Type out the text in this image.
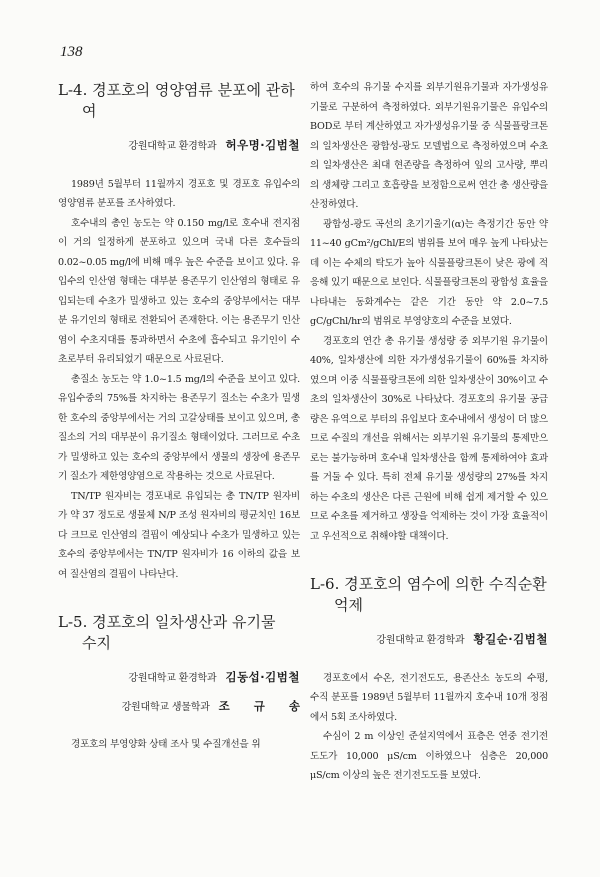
138
L-4. 경포호의 영양염류 분포에 관하
여
강원대학교 환경학과 허우명·김범철

1989년 5월부터 11월까지 경포호 및 경포호 유입수의 영양염류 분포를 조사하였다.

호수내의 총인 농도는 약 0.150 mg/l로 호수내 전지점이 거의 일정하게 분포하고 있으며 국내 다른 호수들의 0.02~0.05 mg/l에 비해 매우 높은 수준을 보이고 있다. 유입수의 인산염 형태는 대부분 용존무기 인산염의 형태로 유입되는데 수초가 밀생하고 있는 호수의 중앙부에서는 대부분 유기인의 형태로 전환되어 존재한다. 이는 용존무기 인산염이 수초지대를 통과하면서 수초에 흡수되고 유기인이 수초로부터 유리되었기 때문으로 사료된다.

총질소 농도는 약 1.0~1.5 mg/l의 수준을 보이고 있다. 유입수중의 75%를 차지하는 용존무기 질소는 수초가 밀생한 호수의 중앙부에서는 거의 고갈상태를 보이고 있으며, 총질소의 거의 대부분이 유기질소 형태이었다. 그러므로 수초가 밀생하고 있는 호수의 중앙부에서 생물의 생장에 용존무기 질소가 제한영양염으로 작용하는 것으로 사료된다.

TN/TP 원자비는 경포내로 유입되는 총 TN/TP 원자비가 약 37 정도로 생물체 N/P 조성 원자비의 평균치인 16보다 크므로 인산염의 결핍이 예상되나 수초가 밀생하고 있는 호수의 중앙부에서는 TN/TP 원자비가 16 이하의 값을 보여 질산염의 결핍이 나타난다.

L-5. 경포호의 일차생산과 유기물
수지
강원대학교 환경학과 김동섭·김범철
강원대학교 생물학과 조규송

경포호의 부영양화 상태 조사 및 수질개선을 위

하여 호수의 유기물 수지를 외부기원유기물과 자가생성유기물로 구분하여 측정하였다. 외부기원유기물은 유입수의 BOD로 부터 계산하였고 자가생성유기물 중 식물플랑크톤의 일차생산은 광합성-광도 모델법으로 측정하였으며 수초의 일차생산은 최대 현존량을 측정하여 잎의 고사량, 뿌리의 생체량 그리고 호흡량을 보정함으로써 연간 총 생산량을 산정하였다.

광합성-광도 곡선의 초기기울기(α)는 측정기간 동안 약 11~40 gCm²/gChl/E의 범위를 보여 매우 높게 나타났는데 이는 수체의 탁도가 높아 식물플랑크톤이 낮은 광에 적응해 있기 때문으로 보인다. 식물플랑크톤의 광합성 효율을 나타내는 동화계수는 같은 기간 동안 약 2.0~7.5 gC/gChl/hr의 범위로 부영양호의 수준을 보였다.

경포호의 연간 총 유기물 생성량 중 외부기원 유기물이 40%, 일차생산에 의한 자가생성유기물이 60%를 차지하였으며 이중 식물플랑크톤에 의한 일차생산이 30%이고 수초의 일차생산이 30%로 나타났다. 경포호의 유기물 공급량은 유역으로 부터의 유입보다 호수내에서 생성이 더 많으므로 수질의 개선을 위해서는 외부기원 유기물의 통제만으로는 불가능하며 호수내 일차생산을 함께 통제하여야 효과를 거둘 수 있다. 특히 전체 유기물 생성량의 27%를 차지하는 수초의 생산은 다른 근원에 비해 쉽게 제거할 수 있으므로 수초를 제거하고 생장을 억제하는 것이 가장 효율적이고 우선적으로 취해야할 대책이다.

L-6. 경포호의 염수에 의한 수직순환
억제
강원대학교 환경학과 황길순·김범철

경포호에서 수온, 전기전도도, 용존산소 농도의 수평, 수직 분포를 1989년 5월부터 11월까지 호수내 10개 정점에서 5회 조사하였다.

수심이 2 m 이상인 준설지역에서 표층은 연중 전기전도도가 10,000 μS/cm 이하였으나 심층은 20,000 μS/cm 이상의 높은 전기전도도를 보였다.
